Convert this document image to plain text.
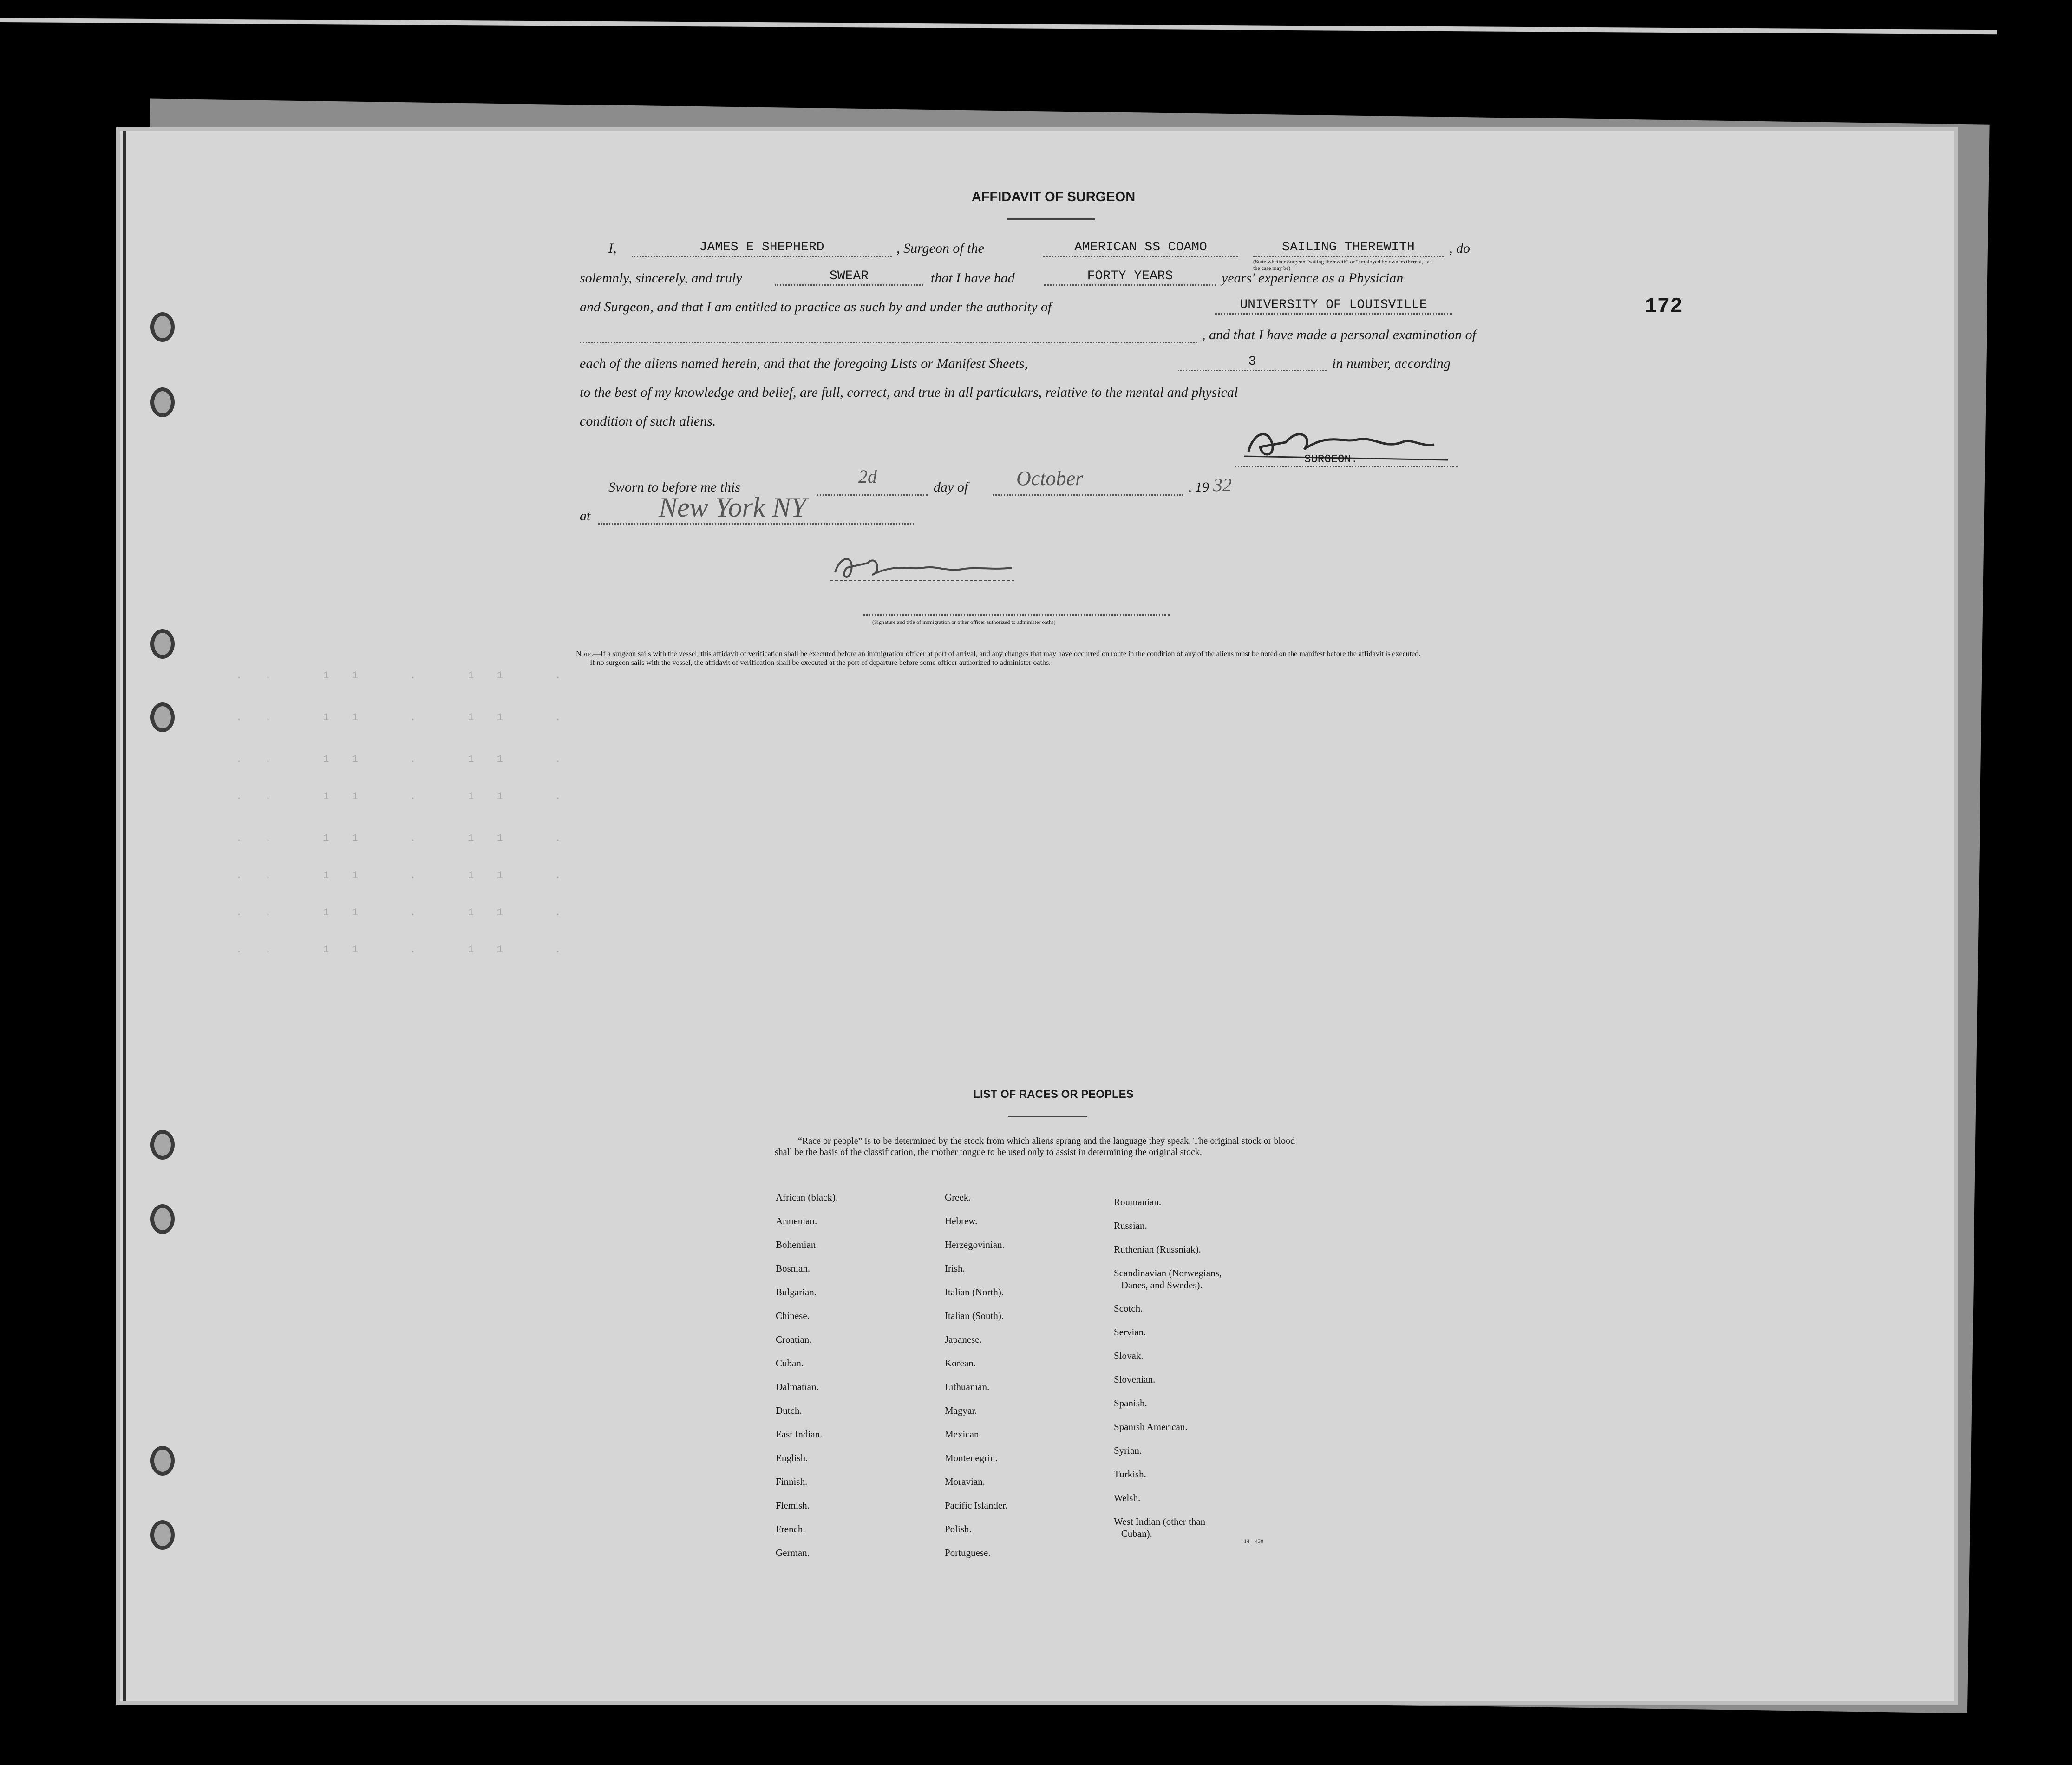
. .   1 1   .   1 1   .
. .   1 1   .   1 1   .
. .   1 1   .   1 1   .
. .   1 1   .   1 1   .
. .   1 1   .   1 1   .
. .   1 1   .   1 1   .
. .   1 1   .   1 1   .
. .   1 1   .   1 1   .
AFFIDAVIT OF SURGEON
I,	, Surgeon of the	, do
JAMES E SHEPHERD	AMERICAN SS COAMO	SAILING THEREWITH
(State whether Surgeon "sailing therewith" or "employed by owners thereof," as the case may be)
solemnly, sincerely, and truly	that I have had	years' experience as a Physician
SWEAR	FORTY YEARS
and Surgeon, and that I am entitled to practice as such by and under the authority of	UNIVERSITY OF LOUISVILLE
, and that I have made a personal examination of
each of the aliens named herein, and that the foregoing Lists or Manifest Sheets,	in number, according
3
to the best of my knowledge and belief, are full, correct, and true in all particulars, relative to the mental and physical
condition of such aliens.
SURGEON.
Sworn to before me this	day of	, 19
2d	October	32
at New York NY
(Signature and title of immigration or other officer authorized to administer oaths)
Note.—If a surgeon sails with the vessel, this affidavit of verification shall be executed before an immigration officer at port of arrival, and any changes that may have occurred on route in the condition of any of the aliens must be noted on the manifest before the affidavit is executed.
If no surgeon sails with the vessel, the affidavit of verification shall be executed at the port of departure before some officer authorized to administer oaths.
172
LIST OF RACES OR PEOPLES
“Race or people” is to be determined by the stock from which aliens sprang and the language they speak. The original stock or blood shall be the basis of the classification, the mother tongue to be used only to assist in determining the original stock.
African (black).
Armenian.
Bohemian.
Bosnian.
Bulgarian.
Chinese.
Croatian.
Cuban.
Dalmatian.
Dutch.
East Indian.
English.
Finnish.
Flemish.
French.
German.
Greek.
Hebrew.
Herzegovinian.
Irish.
Italian (North).
Italian (South).
Japanese.
Korean.
Lithuanian.
Magyar.
Mexican.
Montenegrin.
Moravian.
Pacific Islander.
Polish.
Portuguese.
Roumanian.
Russian.
Ruthenian (Russniak).
Scandinavian (Norwegians,
Danes, and Swedes).
Scotch.
Servian.
Slovak.
Slovenian.
Spanish.
Spanish American.
Syrian.
Turkish.
Welsh.
West Indian (other than
Cuban).
14—430
